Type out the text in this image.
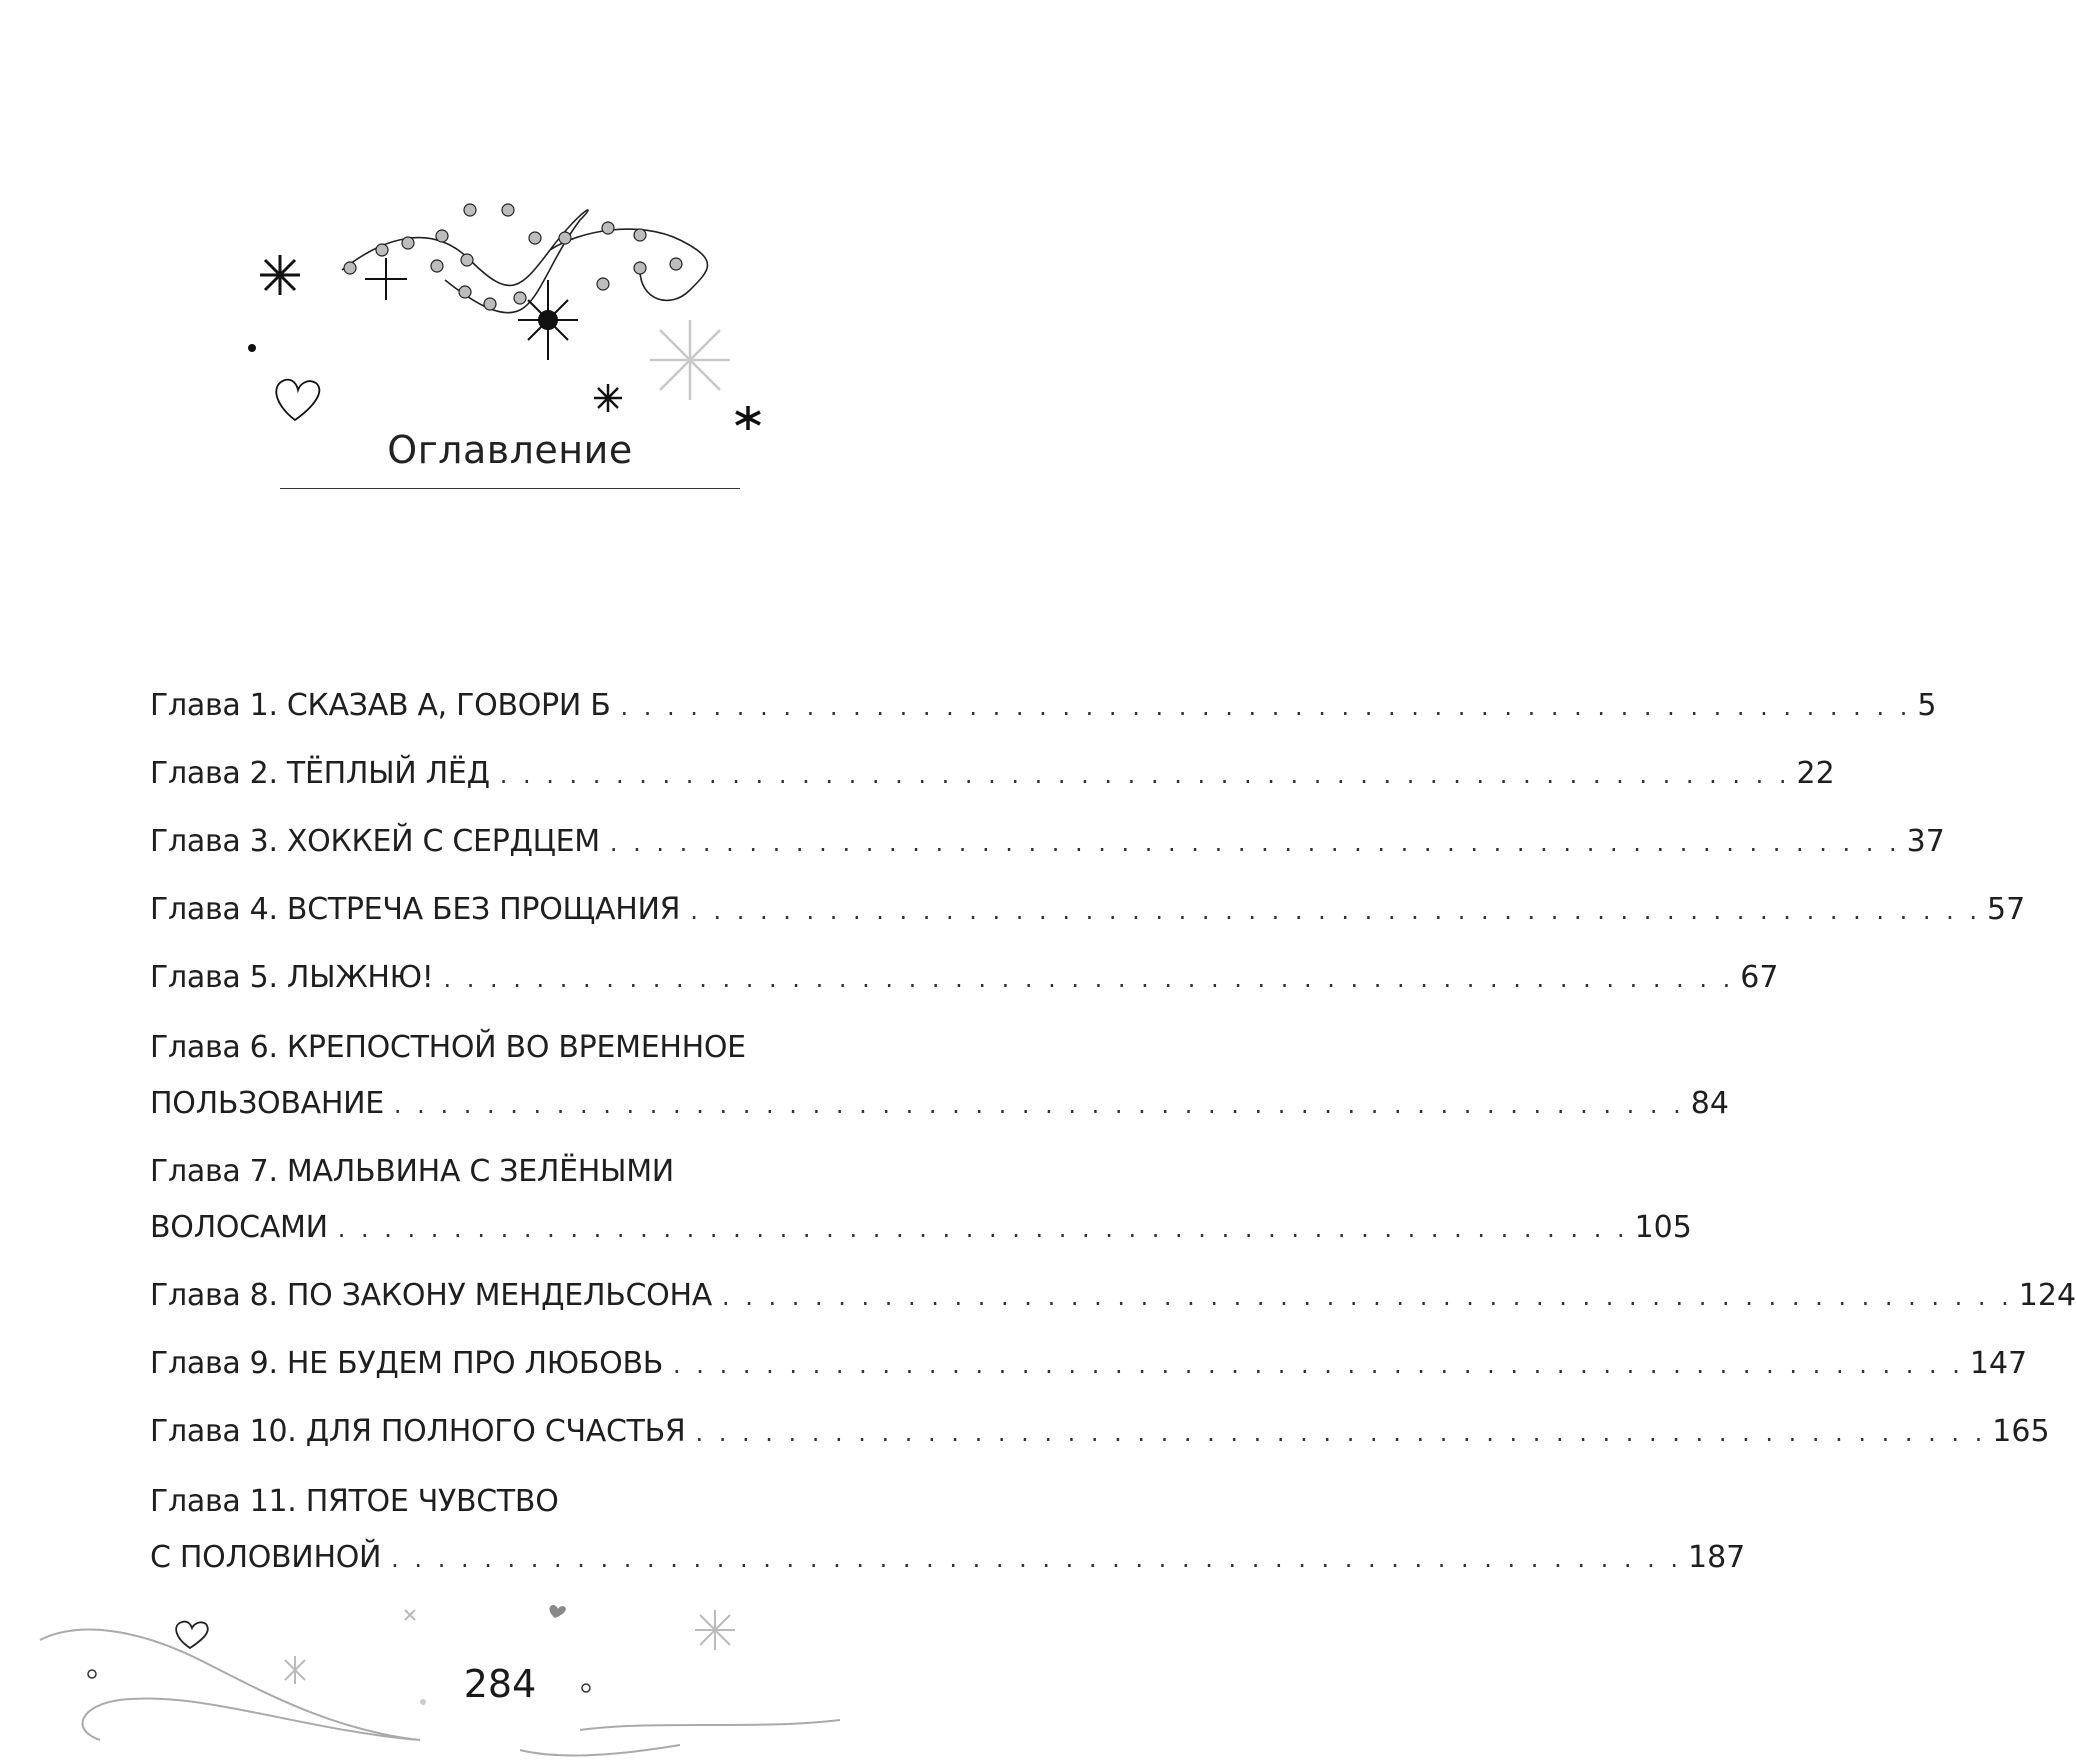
Оглавление
Глава 1. СКАЗАВ А, ГОВОРИ Б . . . . . . . . . . . . . . . . . . . . . . . . . . . . . . . . . . . . . . . . . . . . . . . . . . . . . . . . 5
Глава 2. ТЁПЛЫЙ ЛЁД . . . . . . . . . . . . . . . . . . . . . . . . . . . . . . . . . . . . . . . . . . . . . . . . . . . . . . . . 22
Глава 3. ХОККЕЙ С СЕРДЦЕМ . . . . . . . . . . . . . . . . . . . . . . . . . . . . . . . . . . . . . . . . . . . . . . . . . . . . . . . . 37
Глава 4. ВСТРЕЧА БЕЗ ПРОЩАНИЯ . . . . . . . . . . . . . . . . . . . . . . . . . . . . . . . . . . . . . . . . . . . . . . . . . . . . . . . . 57
Глава 5. ЛЫЖНЮ! . . . . . . . . . . . . . . . . . . . . . . . . . . . . . . . . . . . . . . . . . . . . . . . . . . . . . . . . 67
Глава 6. КРЕПОСТНОЙ ВО ВРЕМЕННОЕ
ПОЛЬЗОВАНИЕ . . . . . . . . . . . . . . . . . . . . . . . . . . . . . . . . . . . . . . . . . . . . . . . . . . . . . . . . 84
Глава 7. МАЛЬВИНА С ЗЕЛЁНЫМИ
ВОЛОСАМИ . . . . . . . . . . . . . . . . . . . . . . . . . . . . . . . . . . . . . . . . . . . . . . . . . . . . . . . . 105
Глава 8. ПО ЗАКОНУ МЕНДЕЛЬСОНА . . . . . . . . . . . . . . . . . . . . . . . . . . . . . . . . . . . . . . . . . . . . . . . . . . . . . . . . 124
Глава 9. НЕ БУДЕМ ПРО ЛЮБОВЬ . . . . . . . . . . . . . . . . . . . . . . . . . . . . . . . . . . . . . . . . . . . . . . . . . . . . . . . . 147
Глава 10. ДЛЯ ПОЛНОГО СЧАСТЬЯ . . . . . . . . . . . . . . . . . . . . . . . . . . . . . . . . . . . . . . . . . . . . . . . . . . . . . . . . 165
Глава 11. ПЯТОЕ ЧУВСТВО
С ПОЛОВИНОЙ . . . . . . . . . . . . . . . . . . . . . . . . . . . . . . . . . . . . . . . . . . . . . . . . . . . . . . . . 187
284
